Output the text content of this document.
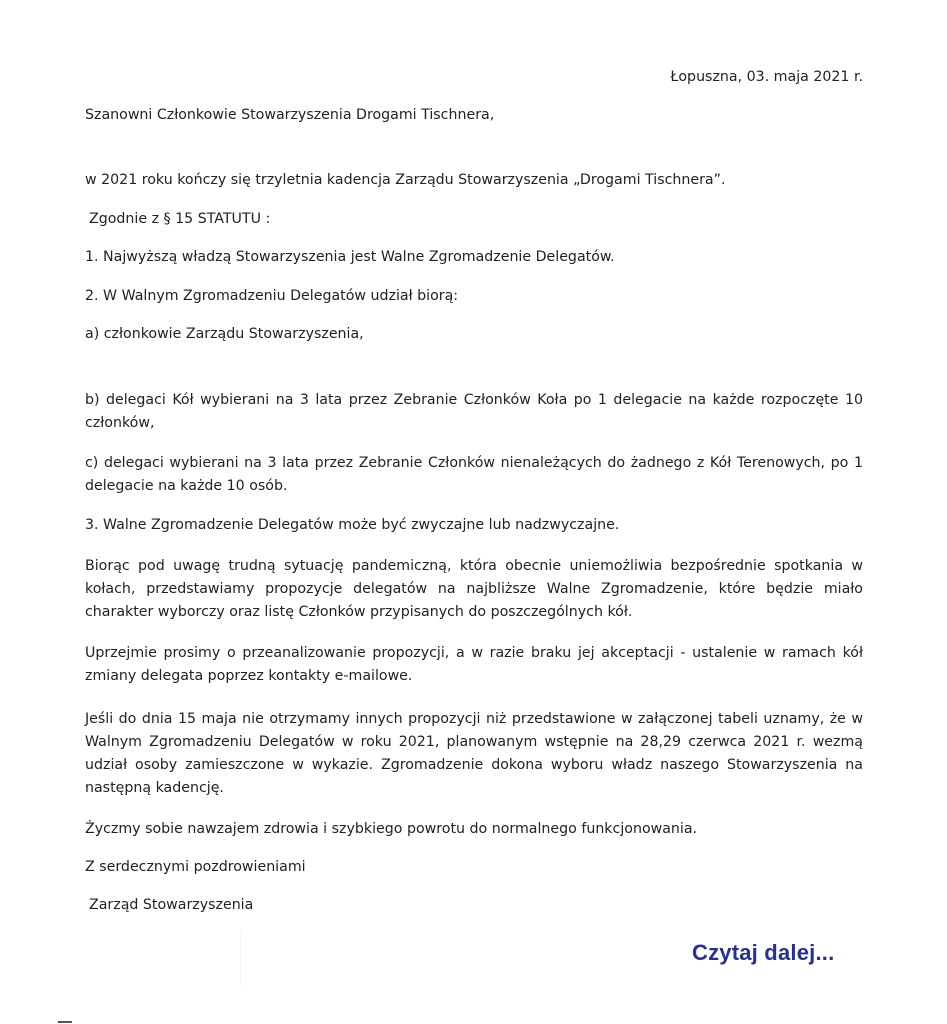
Łopuszna, 03. maja 2021 r.

Szanowni Członkowie Stowarzyszenia Drogami Tischnera,

w 2021 roku kończy się trzyletnia kadencja Zarządu Stowarzyszenia „Drogami Tischnera”.

Zgodnie z § 15 STATUTU :

1. Najwyższą władzą Stowarzyszenia jest Walne Zgromadzenie Delegatów.

2. W Walnym Zgromadzeniu Delegatów udział biorą:

a) członkowie Zarządu Stowarzyszenia,

b) delegaci Kół wybierani na 3 lata przez Zebranie Członków Koła po 1 delegacie na każde rozpoczęte 10 członków,

c) delegaci wybierani na 3 lata przez Zebranie Członków nienależących do żadnego z Kół Terenowych, po 1 delegacie na każde 10 osób.

3. Walne Zgromadzenie Delegatów może być zwyczajne lub nadzwyczajne.

Biorąc pod uwagę trudną sytuację pandemiczną, która obecnie uniemożliwia bezpośrednie spotkania w kołach, przedstawiamy propozycje delegatów na najbliższe Walne Zgromadzenie, które będzie miało charakter wyborczy oraz listę Członków przypisanych do poszczególnych kół.

Uprzejmie prosimy o przeanalizowanie propozycji, a w razie braku jej akceptacji - ustalenie w ramach kół zmiany delegata poprzez kontakty e-mailowe.

Jeśli do dnia 15 maja nie otrzymamy innych propozycji niż przedstawione w załączonej tabeli uznamy, że w Walnym Zgromadzeniu Delegatów w roku 2021, planowanym wstępnie na 28,29 czerwca 2021 r. wezmą udział osoby zamieszczone w wykazie. Zgromadzenie dokona wyboru władz naszego Stowarzyszenia na następną kadencję.

Życzmy sobie nawzajem zdrowia i szybkiego powrotu do normalnego funkcjonowania.

Z serdecznymi pozdrowieniami

Zarząd Stowarzyszenia

Czytaj dalej...
